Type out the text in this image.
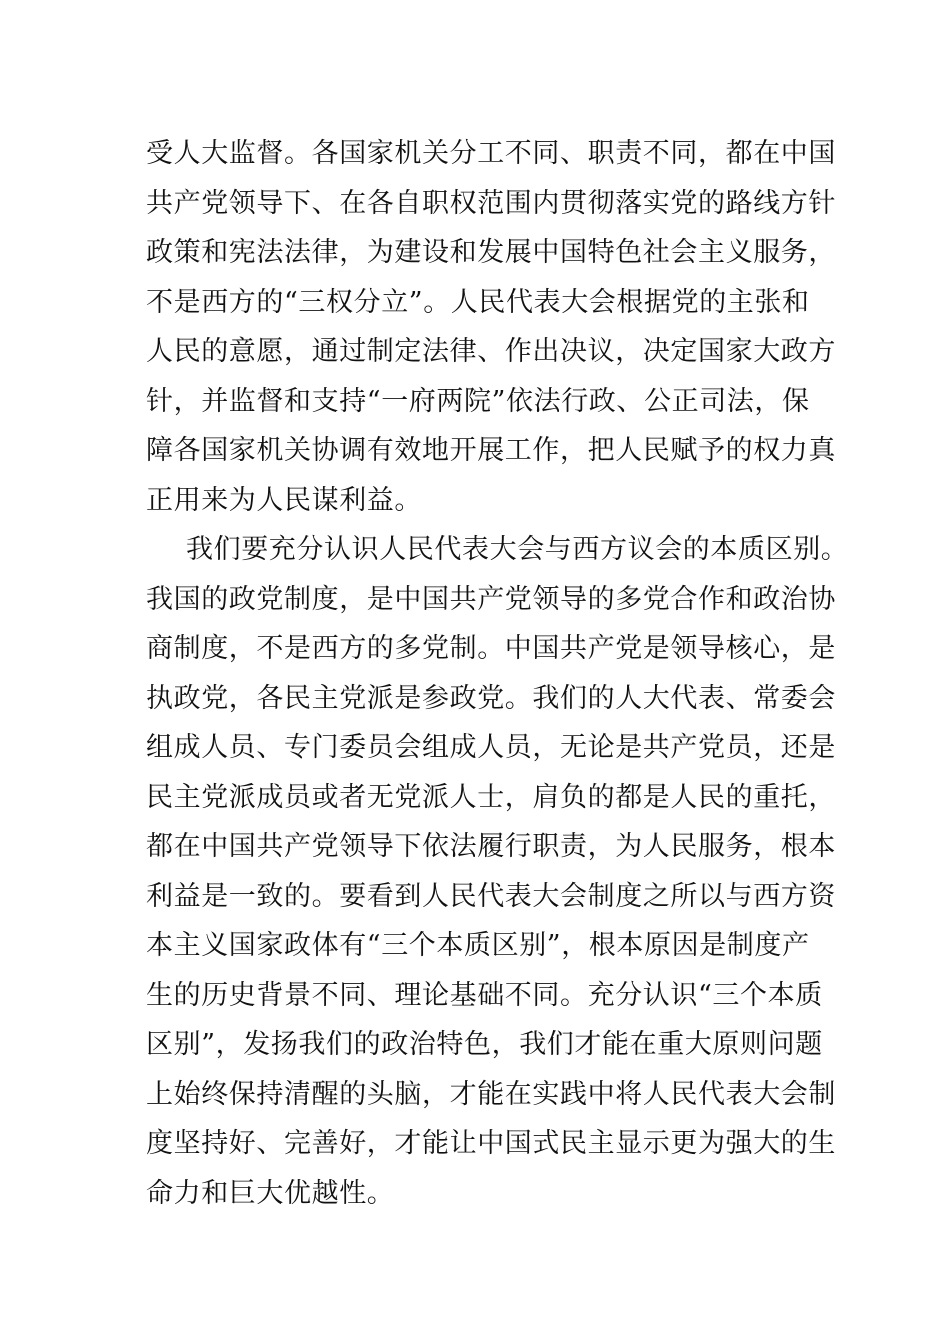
受人大监督。各国家机关分工不同、职责不同，都在中国
共产党领导下、在各自职权范围内贯彻落实党的路线方针
政策和宪法法律，为建设和发展中国特色社会主义服务，
不是西方的“三权分立”。人民代表大会根据党的主张和
人民的意愿，通过制定法律、作出决议，决定国家大政方
针，并监督和支持“一府两院”依法行政、公正司法，保
障各国家机关协调有效地开展工作，把人民赋予的权力真
正用来为人民谋利益。
我们要充分认识人民代表大会与西方议会的本质区别。
我国的政党制度，是中国共产党领导的多党合作和政治协
商制度，不是西方的多党制。中国共产党是领导核心，是
执政党，各民主党派是参政党。我们的人大代表、常委会
组成人员、专门委员会组成人员，无论是共产党员，还是
民主党派成员或者无党派人士，肩负的都是人民的重托，
都在中国共产党领导下依法履行职责，为人民服务，根本
利益是一致的。要看到人民代表大会制度之所以与西方资
本主义国家政体有“三个本质区别”，根本原因是制度产
生的历史背景不同、理论基础不同。充分认识“三个本质
区别”，发扬我们的政治特色，我们才能在重大原则问题
上始终保持清醒的头脑，才能在实践中将人民代表大会制
度坚持好、完善好，才能让中国式民主显示更为强大的生
命力和巨大优越性。
